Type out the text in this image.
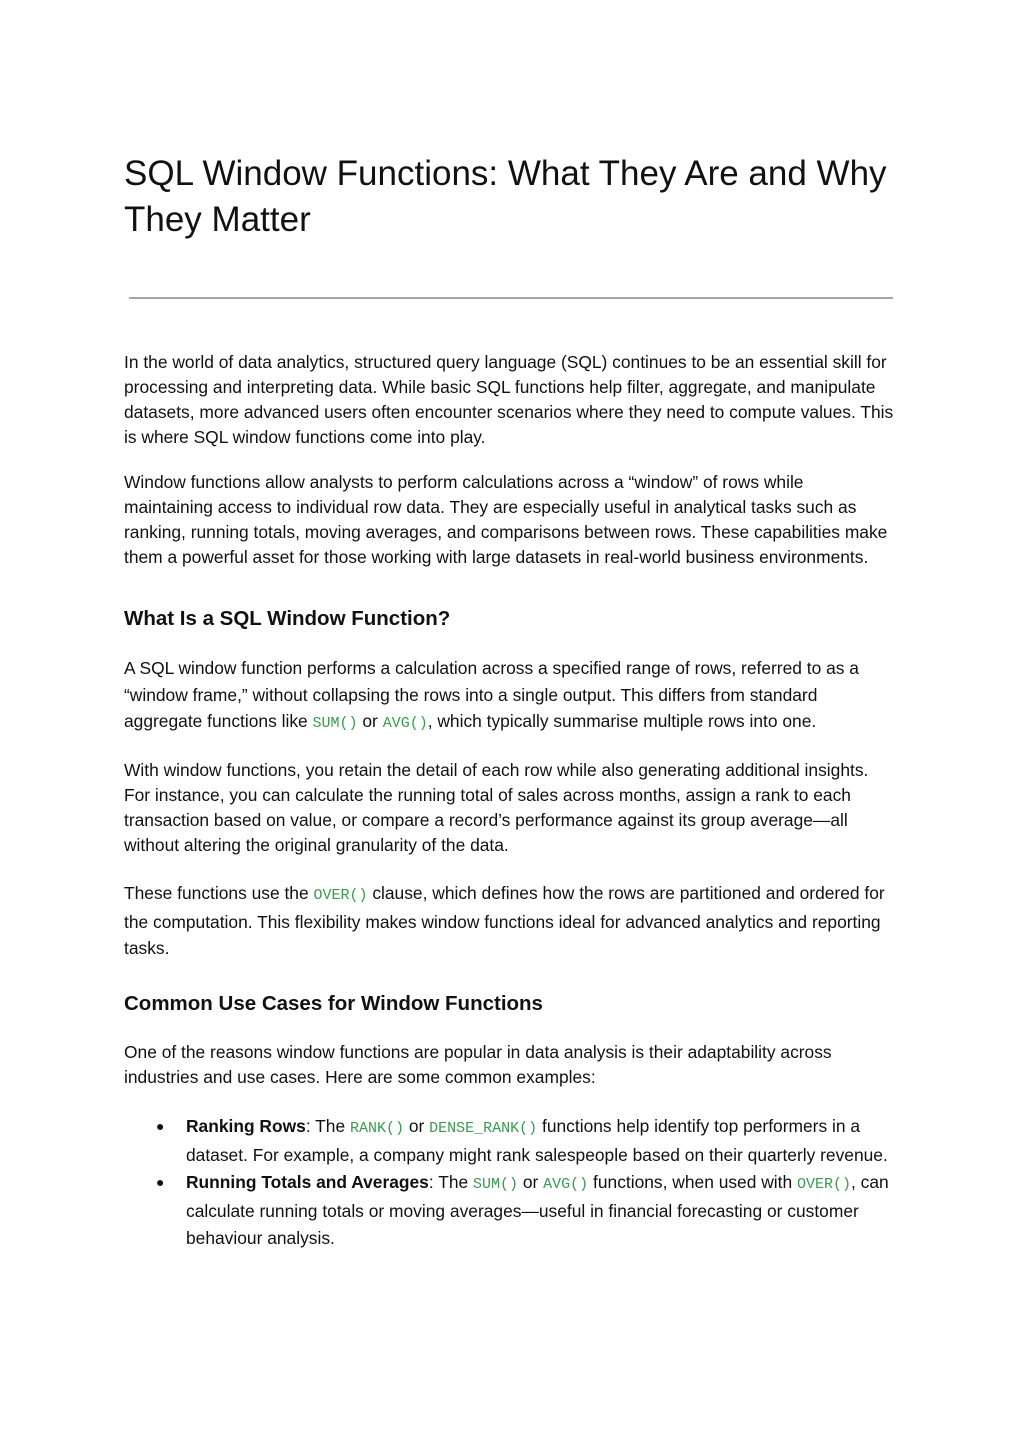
SQL Window Functions: What They Are and Why They Matter

In the world of data analytics, structured query language (SQL) continues to be an essential skill for processing and interpreting data. While basic SQL functions help filter, aggregate, and manipulate datasets, more advanced users often encounter scenarios where they need to compute values. This is where SQL window functions come into play.

Window functions allow analysts to perform calculations across a “window” of rows while maintaining access to individual row data. They are especially useful in analytical tasks such as ranking, running totals, moving averages, and comparisons between rows. These capabilities make them a powerful asset for those working with large datasets in real-world business environments.

What Is a SQL Window Function?

A SQL window function performs a calculation across a specified range of rows, referred to as a “window frame,” without collapsing the rows into a single output. This differs from standard aggregate functions like SUM() or AVG(), which typically summarise multiple rows into one.

With window functions, you retain the detail of each row while also generating additional insights. For instance, you can calculate the running total of sales across months, assign a rank to each transaction based on value, or compare a record’s performance against its group average—all without altering the original granularity of the data.

These functions use the OVER() clause, which defines how the rows are partitioned and ordered for the computation. This flexibility makes window functions ideal for advanced analytics and reporting tasks.

Common Use Cases for Window Functions

One of the reasons window functions are popular in data analysis is their adaptability across industries and use cases. Here are some common examples:

● Ranking Rows: The RANK() or DENSE_RANK() functions help identify top performers in a dataset. For example, a company might rank salespeople based on their quarterly revenue.
● Running Totals and Averages: The SUM() or AVG() functions, when used with OVER(), can calculate running totals or moving averages—useful in financial forecasting or customer behaviour analysis.
